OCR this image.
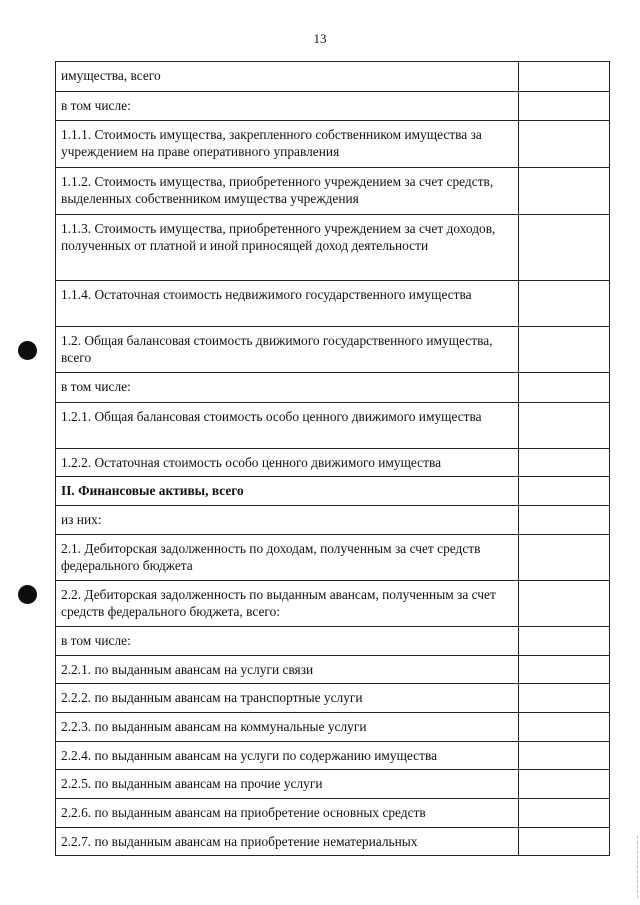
13
имущества, всего	
в том числе:	
1.1.1. Стоимость имущества, закрепленного собственником имущества за учреждением на праве оперативного управления	
1.1.2. Стоимость имущества, приобретенного учреждением за счет средств, выделенных собственником имущества учреждения	
1.1.3. Стоимость имущества, приобретенного учреждением за счет доходов, полученных от платной и иной приносящей доход деятельности	
1.1.4. Остаточная стоимость недвижимого государственного имущества	
1.2. Общая балансовая стоимость движимого государственного имущества, всего	
в том числе:	
1.2.1. Общая балансовая стоимость особо ценного движимого имущества	
1.2.2. Остаточная стоимость особо ценного движимого имущества	
II. Финансовые активы, всего	
из них:	
2.1. Дебиторская задолженность по доходам, полученным за счет средств федерального бюджета	
2.2. Дебиторская задолженность по выданным авансам, полученным за счет средств федерального бюджета, всего:	
в том числе:	
2.2.1. по выданным авансам на услуги связи	
2.2.2. по выданным авансам на транспортные услуги	
2.2.3. по выданным авансам на коммунальные услуги	
2.2.4. по выданным авансам на услуги по содержанию имущества	
2.2.5. по выданным авансам на прочие услуги	
2.2.6. по выданным авансам на приобретение основных средств	
2.2.7. по выданным авансам на приобретение нематериальных	
